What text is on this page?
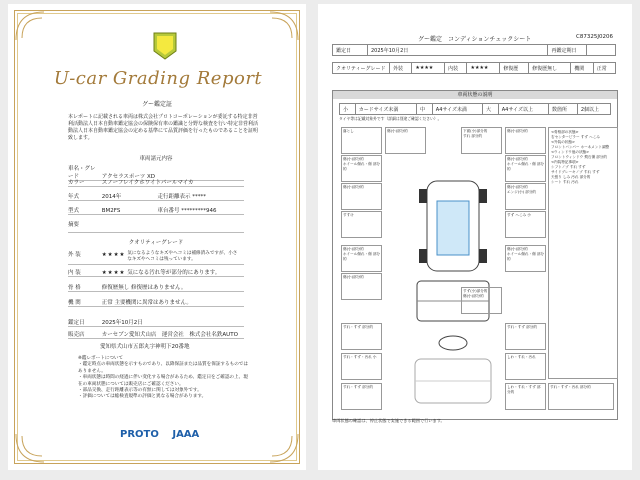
U-car Grading Report
グー鑑定証
本レポートに記載される車両は株式会社プロトコーポレーションが委託する特定非営利活動法人日本自動車鑑定協会の保険保有車の鑑識と分野な検査を行い特定非営利活動法人日本自動車鑑定協会の定める基準にて品質評価を行ったものであることを証明致します。
車両諸元内容
車名・グレード	アクセラスポーツ XD
カラー	スノーフレイクホワイトパールマイカ
年式	2014年	走行距離表示 *****
型式	BM2FS	車台番号 *********946
摘要
クオリティーグレード
外 装	★★★★ 気になるようなキズやヘコミは補修済みですが、小さなキズやヘコミは残っています。
内 装	★★★★ 気になる汚れ等が部分的にあります。
骨 格	修復歴無し 修復歴はありません。
機 関	正常 主要機関に異常はありません。
鑑定日	2025年10月2日
販売店	カーセブン愛知犬山店　運営会社　株式会社名鉄AUTO
愛知県犬山市五郎丸字神明下20番地
※鑑レポートについて
・鑑定時点の車両状態を示すものであり、以降保証または品質を保証するものではありません。
・車両状態は時間の経過に伴い変化する場合があるため、鑑定日をご確認の上、現在の車両状態については販売店にご確認ください。
・部品交換、走行距離表示等の有無に関しては対象外です。
・評価については総検査規準の評価と異なる場合があります。
PROTO JAAA
グー鑑定　コンディションチェックシート	C87325J0206
鑑定日	2025年10月2日	再鑑定期日	
クオリティーグレード	外装	★★★★	内装	★★★★	修復歴	修復歴無し	機関	正常
車両状態の説明
小	カードサイズ未満	中	A4サイズ未満	大	A4サイズ以上	数箇所	2個以上
タイヤ等は記載対象外です（詳細は別途ご確認ください）。
落とし	傷(小)部分的	下面(小)部分的
すれ 部分的
傷(小)部分的
傷(小)部分的
ホイール傷れ・傷 部分的
傷(小)部分的
ホイール傷れ・傷 部分的
傷(小)部分的	傷(小)部分的
エンジ(小) 部分的
すすけ	すず へこみ 小
傷(小)部分的
ホイール傷れ・傷 部分的
傷(小)部分的
ホイール傷れ・傷 部分的
傷(小)部分的
すず(小)部分的
傷(小)部分的
すれ・すず 部分的
すれ・すず 部分的
すれ・すず・汚れ 小	しわ・すれ・汚れ
すれ・すず 部分的	しわ・すれ・すず 部分的
すれ・すず・汚れ 部分的
<骨格部の状態>
右センターピラー すず へこみ
<外装の状態>
フロントバンパー ホーネメント調整
<ウィンドウ他の状態>
フロントウィンドウ 飛石傷 部分的
<内装特記事項>
シフトノブ すれ すず
サイドブレーキノブ すれ すず
天張り しみ 汚れ 部分的
シート すれ 汚れ
車両状態の確認は、停止状態で実施できる範囲で行います。
